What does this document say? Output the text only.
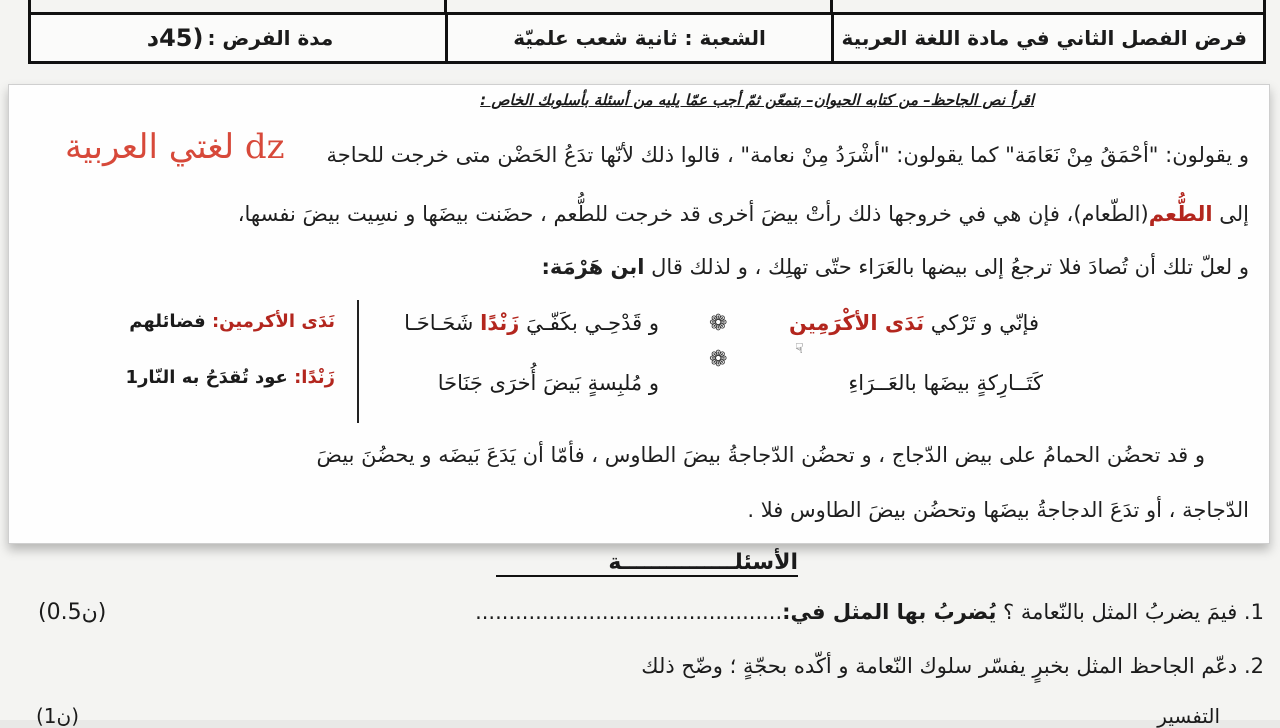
فرض الفصل الثاني في مادة اللغة العربية
الشعبة : ثانية شعب علميّة
مدة الفرض :
(45د
اقرأ نص الجاحظ– من كتابه الحيوان– بتمعّن ثمّ أجب عمّا يليه من أسئلة بأسلوبك الخاص :
و يقولون: "أحْمَقُ مِنْ نَعَامَة" كما يقولون: "أشْرَدُ مِنْ نعامة" ، قالوا ذلك لأنّها تدَعُ الحَضْن متى خرجت للحاجة
إلى الطُّعم(الطّعام)، فإن هي في خروجها ذلك رأتْ بيضَ أخرى قد خرجت للطُّعم ، حضَنت بيضَها و نسِيت بيضَ نفسها،
و لعلّ تلك أن تُصادَ فلا ترجعُ إلى بيضها بالعَرَاء حتّى تهلِك ، و لذلك قال ابن هَرْمَة:
فإنّي و تَرْكي نَدَى الأكْرَمِين
و قَدْحِـي بكَفّـيَ زَنْدًا شَحَـاحَـا
كَتَــارِكةٍ بيضَها بالعَــرَاءِ
و مُلبِسةٍ بَيضَ أُخرَى جَنَاحَا
❁
❁	☟
نَدَى الأكرمين: فضائلهم
زَنْدًا: عود تُقدَحُ به النّار1
و قد تحضُن الحمامُ على بيض الدّجاج ، و تحضُن الدّجاجةُ بيضَ الطاوس ، فأمّا أن يَدَعَ بَيضَه و يحضُنَ بيضَ
الدّجاجة ، أو تدَعَ الدجاجةُ بيضَها وتحضُن بيضَ الطاوس فلا .
لغتي العربية dz
الأسئلـــــــــــــــة
1. فيمَ يضربُ المثل بالنّعامة ؟ يُضربُ بها المثل في:..............................................
(0.5ن)
2. دعّم الجاحظ المثل بخبرٍ يفسّر سلوك النّعامة و أكّده بحجّةٍ ؛ وضّح ذلك
التفسير
(1ن)
